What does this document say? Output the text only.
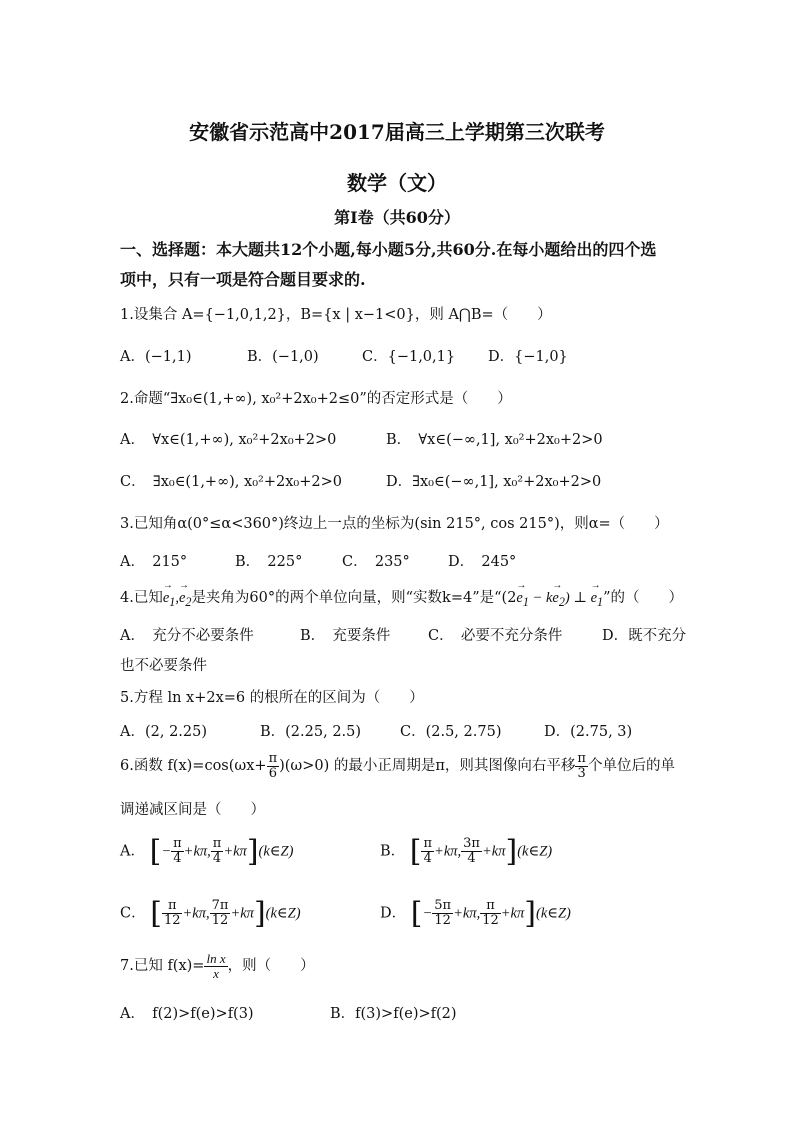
安徽省示范高中2017届高三上学期第三次联考
数学（文）
第Ⅰ卷（共60分）
一、选择题：本大题共12个小题,每小题5分,共60分.在每小题给出的四个选
项中，只有一项是符合题目要求的.
1.设集合 A={−1,0,1,2}，B={x | x−1<0}，则 A⋂B=（　　）
A．(−1,1)	B．(−1,0)	C．{−1,0,1} D．{−1,0}
2.命题“∃x₀∈(1,+∞), x₀²+2x₀+2≤0”的否定形式是（　　）
A．　∀x∈(1,+∞), x₀²+2x₀+2>0	B．　∀x∈(−∞,1], x₀²+2x₀+2>0
C．　∃x₀∈(1,+∞), x₀²+2x₀+2>0	D．∃x₀∈(−∞,1], x₀²+2x₀+2>0
3.已知角α(0°≤α<360°)终边上一点的坐标为(sin 215°, cos 215°)，则α=（　　）
A．　215°	B．　225°	C．　235°	D．　245°
4.已知→ $e_1,\to e_2$是夹角为60°的两个单位向量，则“实数k=4”是“$(2\to e_1 - k\to e_2)$ ⊥ → $e_1$”的（　　）
A．　充分不必要条件	B．　充要条件	C．　必要不充分条件	D．既不充分
也不必要条件
5.方程 ln x+2x=6 的根所在的区间为（　　）
A．(2, 2.25)	B．(2.25, 2.5)	C．(2.5, 2.75)	D．(2.75, 3)
6.函数 $f(x)=\cos(\omega x+ \frac{\pi}{6} )(\omega>0)$ 的最小正周期是π，则其图像向右平移 $\frac{\pi}{3}$ 个单位后的单
调递减区间是（　　）
A． [− $\frac{\pi}{4} +k\pi$, $\frac{\pi}{4}$ +kπ](k∈Z)	B． [ $\frac{\pi}{4} +k\pi$, $\frac{3\pi}{4}$ +kπ](k∈Z)
C． [ $\frac{\pi}{12} +k\pi$, $\frac{7\pi}{12}$ +kπ](k∈Z)	D． [− $\frac{5\pi}{12} +k\pi$, $\frac{\pi}{12}$ +kπ](k∈Z)
7.已知 $f(x)= \frac{\text{ln x}}{x}$ ，则（　　）
A．　f(2)>f(e)>f(3)	B．f(3)>f(e)>f(2)
